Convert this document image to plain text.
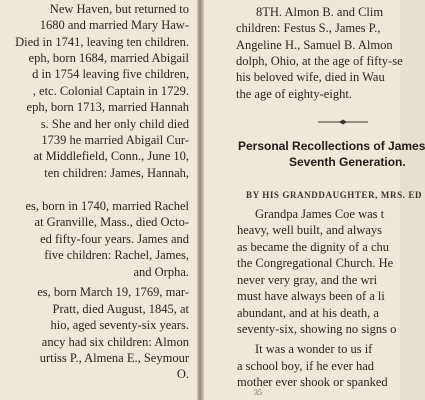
New Haven, but returned to
1680 and married Mary Haw-
Died in 1741, leaving ten children.
eph, born 1684, married Abigail
d in 1754 leaving five children,
, etc. Colonial Captain in 1729.
eph, born 1713, married Hannah
s. She and her only child died
1739 he married Abigail Cur-
at Middlefield, Conn., June 10,
ten children: James, Hannah,
es, born in 1740, married Rachel
at Granville, Mass., died Octo-
ed fifty-four years. James and
five children: Rachel, James,
and Orpha.
es, born March 19, 1769, mar-
Pratt, died August, 1845, at
hio, aged seventy-six years.
ancy had six children: Almon
urtiss P., Almena E., Seymour
O.
8TH. Almon B. and Clim
children: Festus S., James P.,
Angeline H., Samuel B. Almon
dolph, Ohio, at the age of fifty-se
his beloved wife, died in Wau
the age of eighty-eight.
Personal Recollections of James
Seventh Generation.
BY HIS GRANDDAUGHTER, MRS. ED
Grandpa James Coe was t
heavy, well built, and always
as became the dignity of a chu
the Congregational Church. He
never very gray, and the wri
must have always been of a li
abundant, and at his death, a
seventy-six, showing no signs o
It was a wonder to us if
a school boy, if he ever had
mother ever shook or spanked
35
